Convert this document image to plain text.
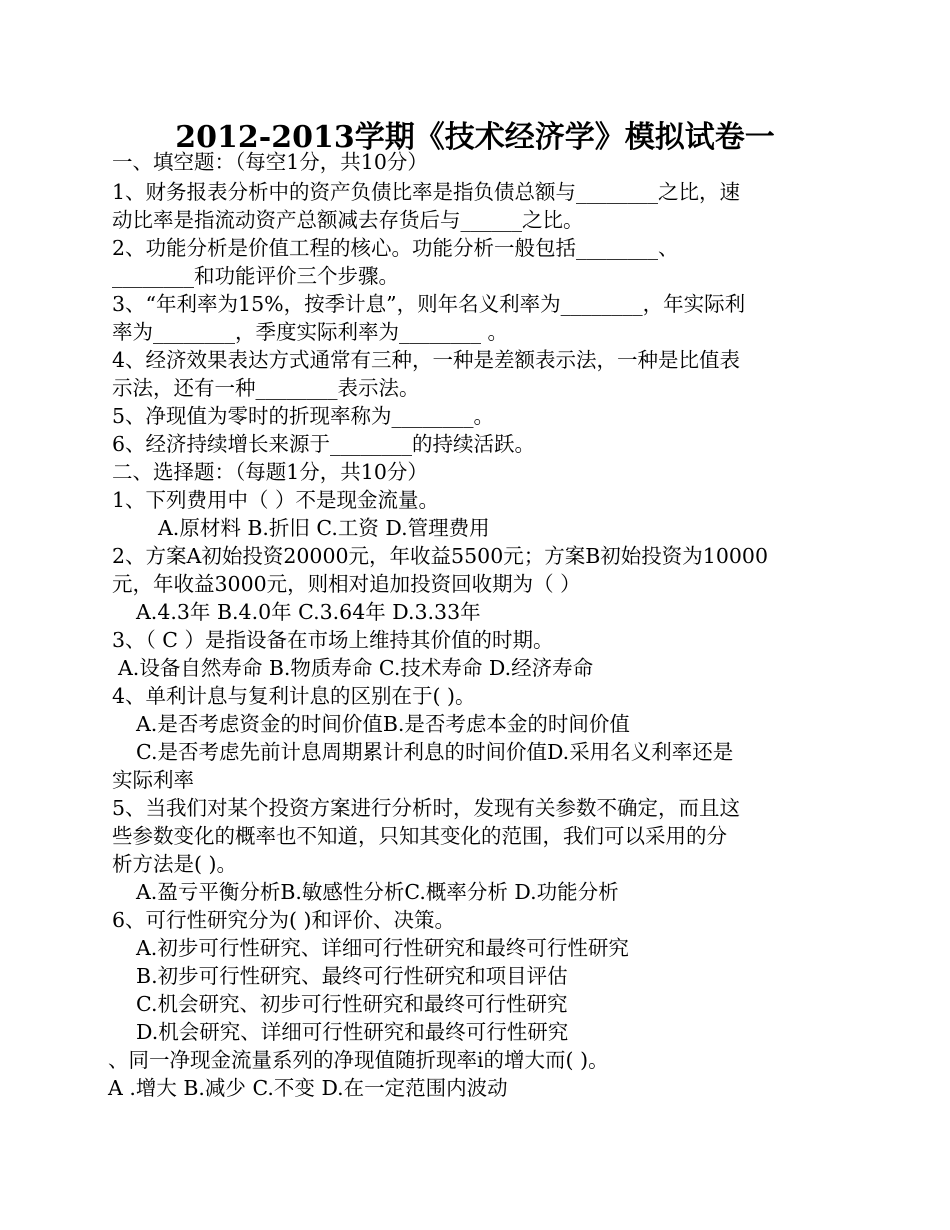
2012-2013学期《技术经济学》模拟试卷一
一、填空题：（每空1分，共10分）
1、财务报表分析中的资产负债比率是指负债总额与________之比，速
动比率是指流动资产总额减去存货后与______之比。
2、功能分析是价值工程的核心。功能分析一般包括________、
________和功能评价三个步骤。
3、“年利率为15%，按季计息”，则年名义利率为________，年实际利
率为________，季度实际利率为________ 。
4、经济效果表达方式通常有三种，一种是差额表示法，一种是比值表
示法，还有一种________表示法。
5、净现值为零时的折现率称为________。
6、经济持续增长来源于________的持续活跃。
二、选择题：（每题1分，共10分）
1、下列费用中（ ）不是现金流量。
A.原材料 B.折旧 C.工资 D.管理费用
2、方案A初始投资20000元，年收益5500元；方案B初始投资为10000
元，年收益3000元，则相对追加投资回收期为（ ）
A.4.3年 B.4.0年 C.3.64年 D.3.33年
3、（ C ）是指设备在市场上维持其价值的时期。
A.设备自然寿命 B.物质寿命 C.技术寿命 D.经济寿命
4、单利计息与复利计息的区别在于( )。
A.是否考虑资金的时间价值B.是否考虑本金的时间价值
C.是否考虑先前计息周期累计利息的时间价值D.采用名义利率还是
实际利率
5、当我们对某个投资方案进行分析时，发现有关参数不确定，而且这
些参数变化的概率也不知道，只知其变化的范围，我们可以采用的分
析方法是( )。
A.盈亏平衡分析B.敏感性分析C.概率分析 D.功能分析
6、可行性研究分为( )和评价、决策。
A.初步可行性研究、详细可行性研究和最终可行性研究
B.初步可行性研究、最终可行性研究和项目评估
C.机会研究、初步可行性研究和最终可行性研究
D.机会研究、详细可行性研究和最终可行性研究
、同一净现金流量系列的净现值随折现率i的增大而( )。
A .增大 B.减少 C.不变 D.在一定范围内波动
